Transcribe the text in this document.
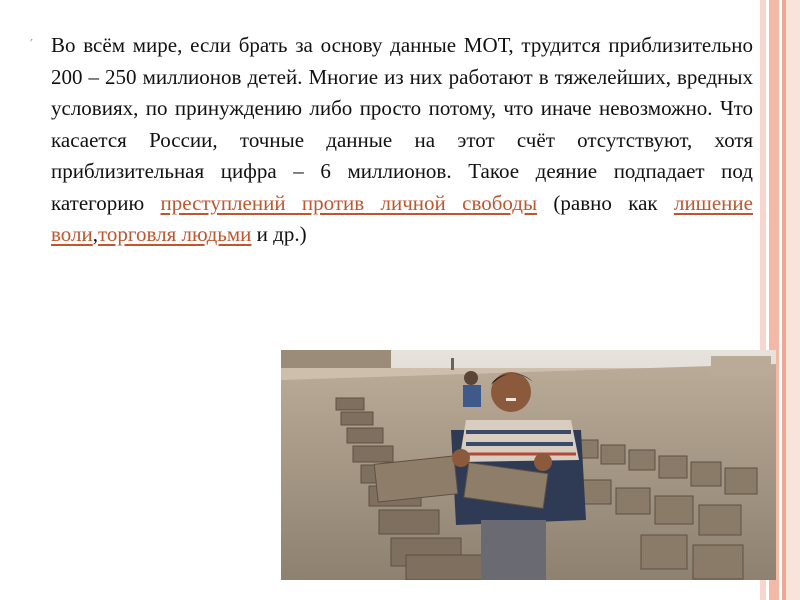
′ Во всём мире, если брать за основу данные МОТ, трудится приблизительно 200 – 250 миллионов детей. Многие из них работают в тяжелейших, вредных условиях, по принуждению либо просто потому, что иначе невозможно. Что касается России, точные данные на этот счёт отсутствуют, хотя приблизительная цифра – 6 миллионов. Такое деяние подпадает под категорию преступлений против личной свободы (равно как лишение воли,торговля людьми и др.)
